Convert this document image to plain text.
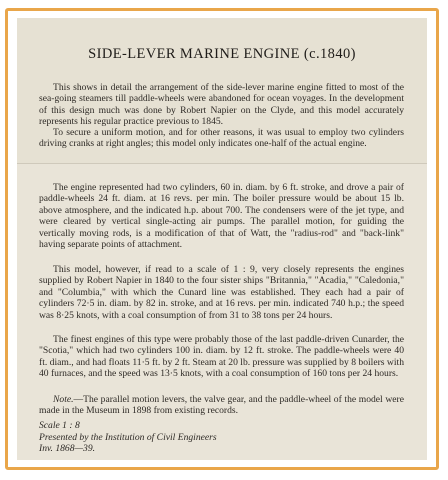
SIDE-LEVER MARINE ENGINE (c.1840)
This shows in detail the arrangement of the side-lever marine engine fitted to most of the sea-going steamers till paddle-wheels were abandoned for ocean voyages. In the development of this design much was done by Robert Napier on the Clyde, and this model accurately represents his regular practice previous to 1845.
To secure a uniform motion, and for other reasons, it was usual to employ two cylinders driving cranks at right angles; this model only indicates one-half of the actual engine.
The engine represented had two cylinders, 60 in. diam. by 6 ft. stroke, and drove a pair of paddle-wheels 24 ft. diam. at 16 revs. per min. The boiler pressure would be about 15 lb. above atmosphere, and the indicated h.p. about 700. The condensers were of the jet type, and were cleared by vertical single-acting air pumps. The parallel motion, for guiding the vertically moving rods, is a modification of that of Watt, the "radius-rod" and "back-link" having separate points of attachment.
This model, however, if read to a scale of 1 : 9, very closely represents the engines supplied by Robert Napier in 1840 to the four sister ships "Britannia," "Acadia," "Caledonia," and "Columbia," with which the Cunard line was established. They each had a pair of cylinders 72·5 in. diam. by 82 in. stroke, and at 16 revs. per min. indicated 740 h.p.; the speed was 8·25 knots, with a coal consumption of from 31 to 38 tons per 24 hours.
The finest engines of this type were probably those of the last paddle-driven Cunarder, the "Scotia," which had two cylinders 100 in. diam. by 12 ft. stroke. The paddle-wheels were 40 ft. diam., and had floats 11·5 ft. by 2 ft. Steam at 20 lb. pressure was supplied by 8 boilers with 40 furnaces, and the speed was 13·5 knots, with a coal consumption of 160 tons per 24 hours.
Note.—The parallel motion levers, the valve gear, and the paddle-wheel of the model were made in the Museum in 1898 from existing records.
Scale 1 : 8
Presented by the Institution of Civil Engineers
Inv. 1868—39.
